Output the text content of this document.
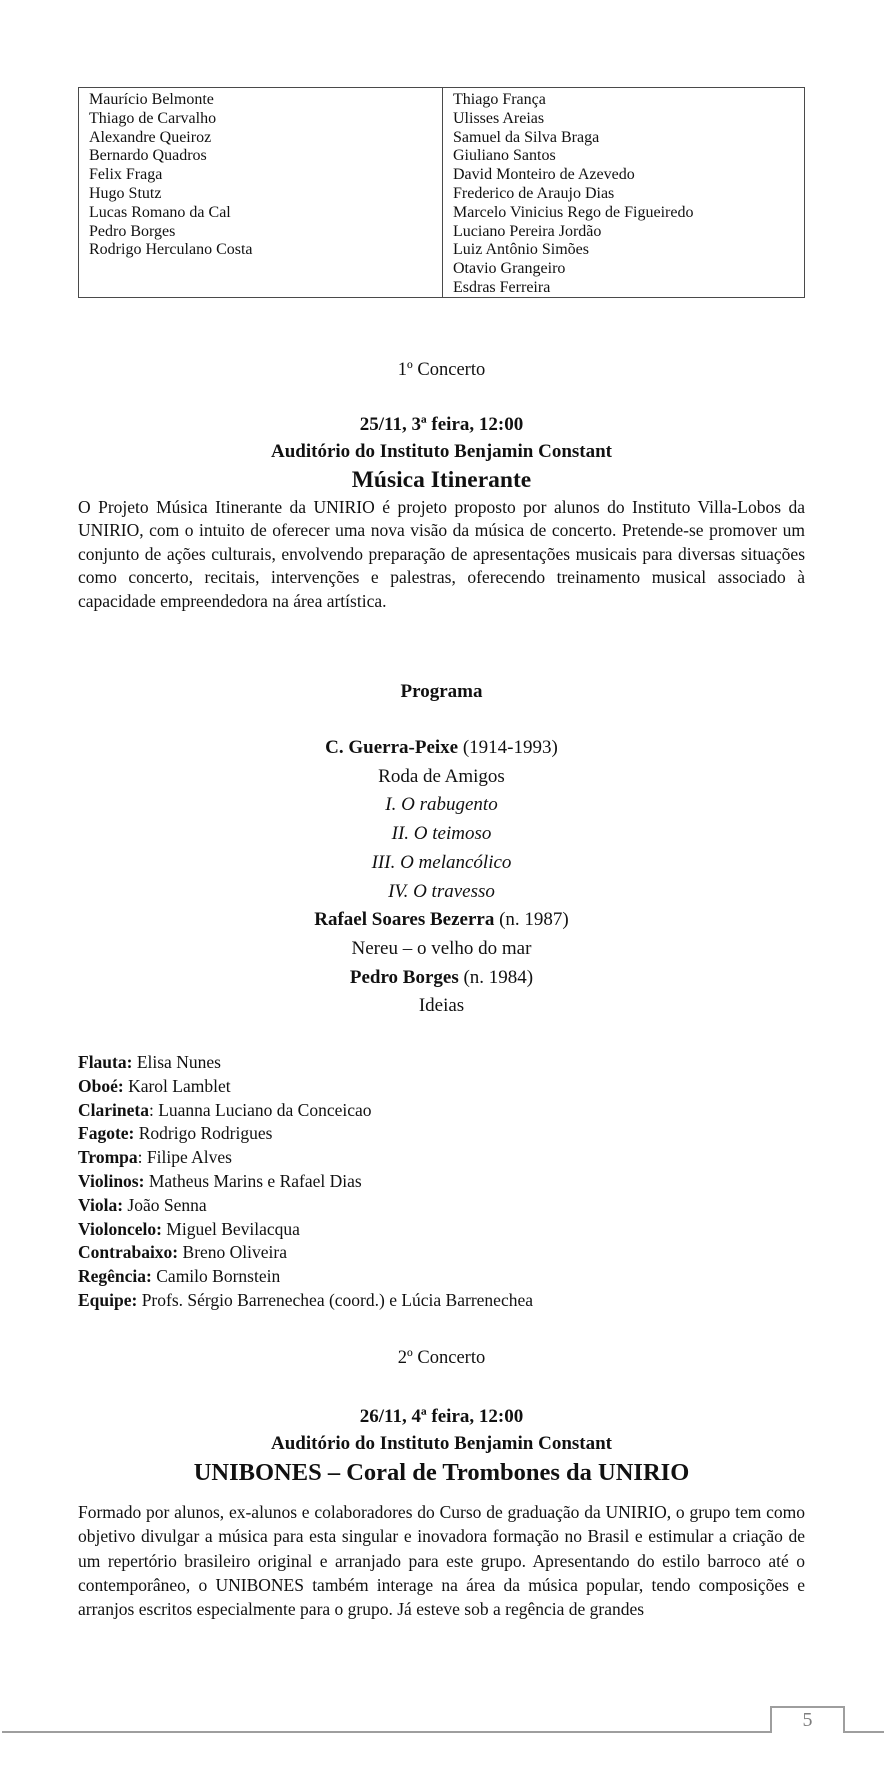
Maurício Belmonte
Thiago de Carvalho
Alexandre Queiroz
Bernardo Quadros
Felix Fraga
Hugo Stutz
Lucas Romano da Cal
Pedro Borges
Rodrigo Herculano Costa
Thiago França
Ulisses Areias
Samuel da Silva Braga
Giuliano Santos
David Monteiro de Azevedo
Frederico de Araujo Dias
Marcelo Vinicius Rego de Figueiredo
Luciano Pereira Jordão
Luiz Antônio Simões
Otavio Grangeiro
Esdras Ferreira
1º Concerto
25/11, 3ª feira, 12:00
Auditório do Instituto Benjamin Constant
Música Itinerante
O Projeto Música Itinerante da UNIRIO é projeto proposto por alunos do Instituto Villa-Lobos da UNIRIO, com o intuito de oferecer uma nova visão da música de concerto. Pretende-se promover um conjunto de ações culturais, envolvendo preparação de apresentações musicais para diversas situações como concerto, recitais, intervenções e palestras, oferecendo treinamento musical associado à capacidade empreendedora na área artística.
Programa
C. Guerra-Peixe (1914-1993)
Roda de Amigos
I. O rabugento
II. O teimoso
III. O melancólico
IV. O travesso
Rafael Soares Bezerra (n. 1987)
Nereu – o velho do mar
Pedro Borges (n. 1984)
Ideias
Flauta: Elisa Nunes
Oboé: Karol Lamblet
Clarineta: Luanna Luciano da Conceicao
Fagote: Rodrigo Rodrigues
Trompa: Filipe Alves
Violinos: Matheus Marins e Rafael Dias
Viola: João Senna
Violoncelo: Miguel Bevilacqua
Contrabaixo: Breno Oliveira
Regência: Camilo Bornstein
Equipe: Profs. Sérgio Barrenechea (coord.) e Lúcia Barrenechea
2º Concerto
26/11, 4ª feira, 12:00
Auditório do Instituto Benjamin Constant
UNIBONES – Coral de Trombones da UNIRIO
Formado por alunos, ex-alunos e colaboradores do Curso de graduação da UNIRIO, o grupo tem como objetivo divulgar a música para esta singular e inovadora formação no Brasil e estimular a criação de um repertório brasileiro original e arranjado para este grupo. Apresentando do estilo barroco até o contemporâneo, o UNIBONES também interage na área da música popular, tendo composições e arranjos escritos especialmente para o grupo. Já esteve sob a regência de grandes
5
